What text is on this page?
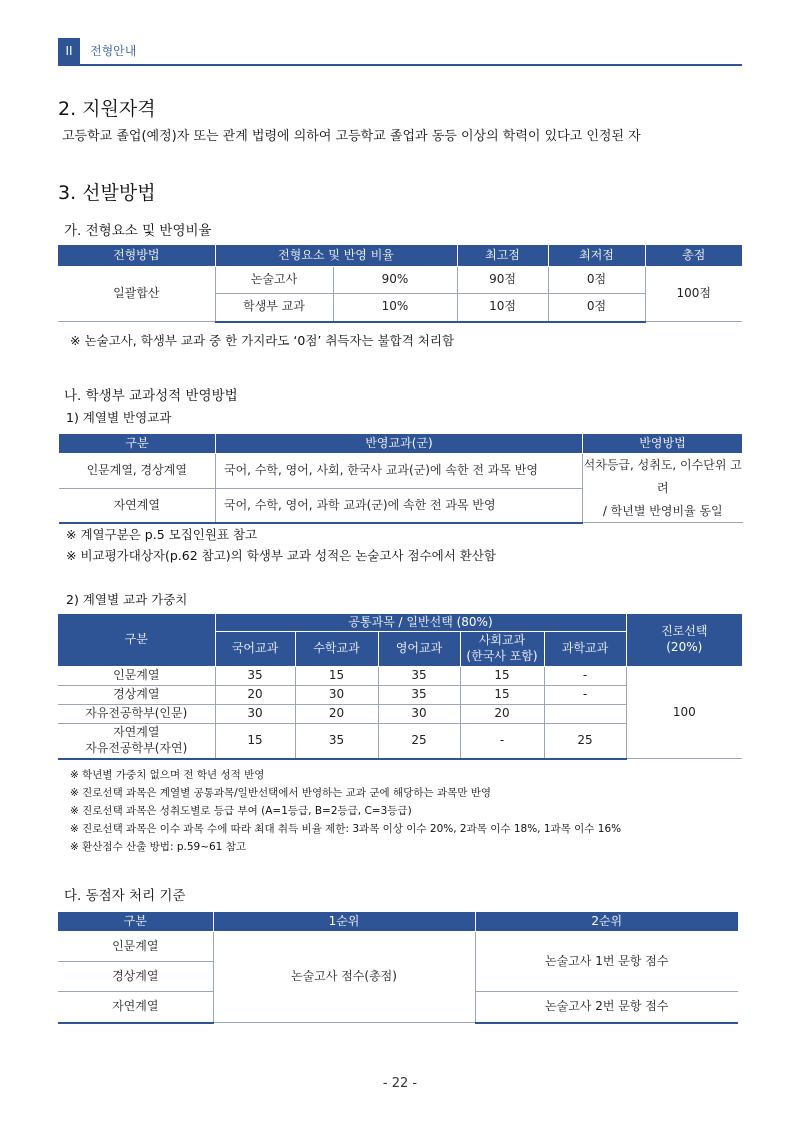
II	전형안내
2. 지원자격
고등학교 졸업(예정)자 또는 관계 법령에 의하여 고등학교 졸업과 동등 이상의 학력이 있다고 인정된 자
3. 선발방법
가. 전형요소 및 반영비율
전형방법	전형요소 및 반영 비율		최고점	최저점	총점
일괄합산	논술고사	90%	90점	0점	100점
	학생부 교과	10%	10점	0점	
※ 논술고사, 학생부 교과 중 한 가지라도 ‘0점’ 취득자는 불합격 처리함
나. 학생부 교과성적 반영방법
1) 계열별 반영교과
구분	반영교과(군)	반영방법
인문계열, 경상계열	국어, 수학, 영어, 사회, 한국사 교과(군)에 속한 전 과목 반영	석차등급, 성취도, 이수단위 고려
/ 학년별 반영비율 동일

자연계열	국어, 수학, 영어, 과학 교과(군)에 속한 전 과목 반영	
※ 계열구분은 p.5 모집인원표 참고
※ 비교평가대상자(p.62 참고)의 학생부 교과 성적은 논술고사 점수에서 환산함
2) 계열별 교과 가중치
구분	공통과목 / 일반선택 (80%)					진로선택
(20%)

	국어교과	수학교과	영어교과	사회교과
(한국사 포함)	과학교과	
인문계열	35	15	35	15	-	100
경상계열	20	30	35	15	-	
자유전공학부(인문)	30	20	30	20		

자연계열
자유전공학부(자연)	15	35	25	-	25	
※ 학년별 가중치 없으며 전 학년 성적 반영
※ 진로선택 과목은 계열별 공통과목/일반선택에서 반영하는 교과 군에 해당하는 과목만 반영
※ 진로선택 과목은 성취도별로 등급 부여 (A=1등급, B=2등급, C=3등급)
※ 진로선택 과목은 이수 과목 수에 따라 최대 취득 비율 제한: 3과목 이상 이수 20%, 2과목 이수 18%, 1과목 이수 16%
※ 환산점수 산출 방법: p.59~61 참고
다. 동점자 처리 기준
구분	1순위	2순위
인문계열	논술고사 점수(총점)	논술고사 1번 문항 점수
경상계열		
자연계열		논술고사 2번 문항 점수
- 22 -
